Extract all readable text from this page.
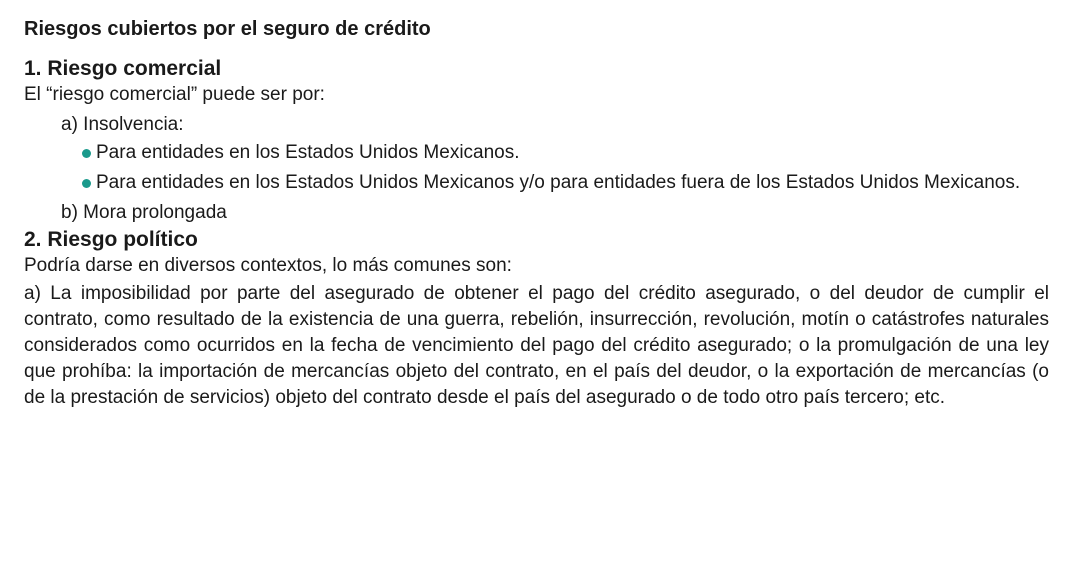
Riesgos cubiertos por el seguro de crédito
1. Riesgo comercial
El “riesgo comercial” puede ser por:
a) Insolvencia:
Para entidades en los Estados Unidos Mexicanos.
Para entidades en los Estados Unidos Mexicanos y/o para entidades fuera de los Estados Unidos Mexicanos.
b) Mora prolongada
2. Riesgo político
Podría darse en diversos contextos, lo más comunes son:
a) La imposibilidad por parte del asegurado de obtener el pago del crédito asegurado, o del deudor de cumplir el contrato, como resultado de la existencia de una guerra, rebelión, insurrección, revolución, motín o catástrofes naturales considerados como ocurridos en la fecha de vencimiento del pago del crédito asegurado; o la promulgación de una ley que prohíba: la importación de mercancías objeto del contrato, en el país del deudor, o la exportación de mercancías (o de la prestación de servicios) objeto del contrato desde el país del asegurado o de todo otro país tercero; etc.
